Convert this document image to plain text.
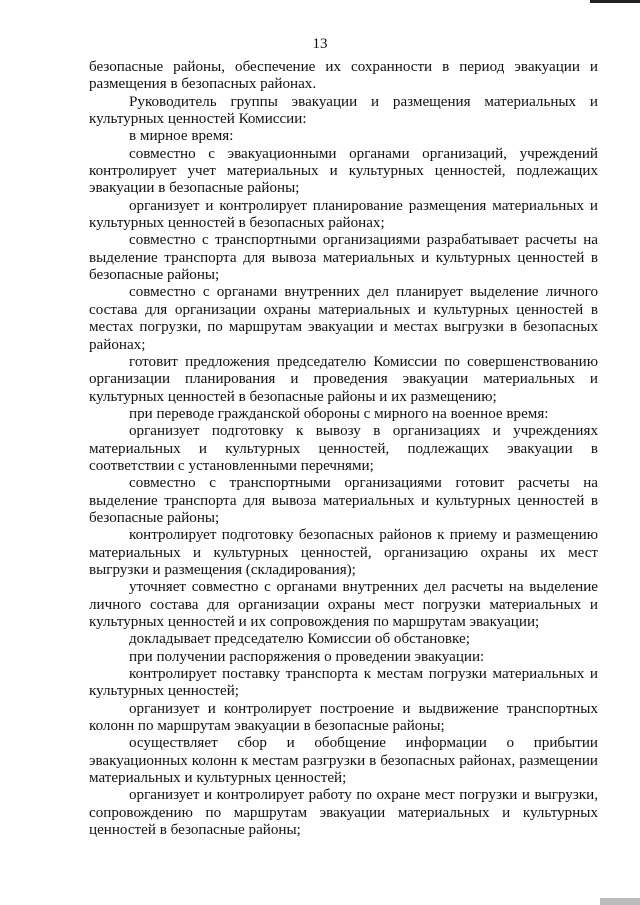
13

безопасные районы, обеспечение их сохранности в период эвакуации и размещения в безопасных районах.

Руководитель группы эвакуации и размещения материальных и культурных ценностей Комиссии:

в мирное время:

совместно с эвакуационными органами организаций, учреждений контролирует учет материальных и культурных ценностей, подлежащих эвакуации в безопасные районы;

организует и контролирует планирование размещения материальных и культурных ценностей в безопасных районах;

совместно с транспортными организациями разрабатывает расчеты на выделение транспорта для вывоза материальных и культурных ценностей в безопасные районы;

совместно с органами внутренних дел планирует выделение личного состава для организации охраны материальных и культурных ценностей в местах погрузки, по маршрутам эвакуации и местах выгрузки в безопасных районах;

готовит предложения председателю Комиссии по совершенствованию организации планирования и проведения эвакуации материальных и культурных ценностей в безопасные районы и их размещению;

при переводе гражданской обороны с мирного на военное время:

организует подготовку к вывозу в организациях и учреждениях материальных и культурных ценностей, подлежащих эвакуации в соответствии с установленными перечнями;

совместно с транспортными организациями готовит расчеты на выделение транспорта для вывоза материальных и культурных ценностей в безопасные районы;

контролирует подготовку безопасных районов к приему и размещению материальных и культурных ценностей, организацию охраны их мест выгрузки и размещения (складирования);

уточняет совместно с органами внутренних дел расчеты на выделение личного состава для организации охраны мест погрузки материальных и культурных ценностей и их сопровождения по маршрутам эвакуации;

докладывает председателю Комиссии об обстановке;

при получении распоряжения о проведении эвакуации:

контролирует поставку транспорта к местам погрузки материальных и культурных ценностей;

организует и контролирует построение и выдвижение транспортных колонн по маршрутам эвакуации в безопасные районы;

осуществляет сбор и обобщение информации о прибытии эвакуационных колонн к местам разгрузки в безопасных районах, размещении материальных и культурных ценностей;

организует и контролирует работу по охране мест погрузки и выгрузки, сопровождению по маршрутам эвакуации материальных и культурных ценностей в безопасные районы;
